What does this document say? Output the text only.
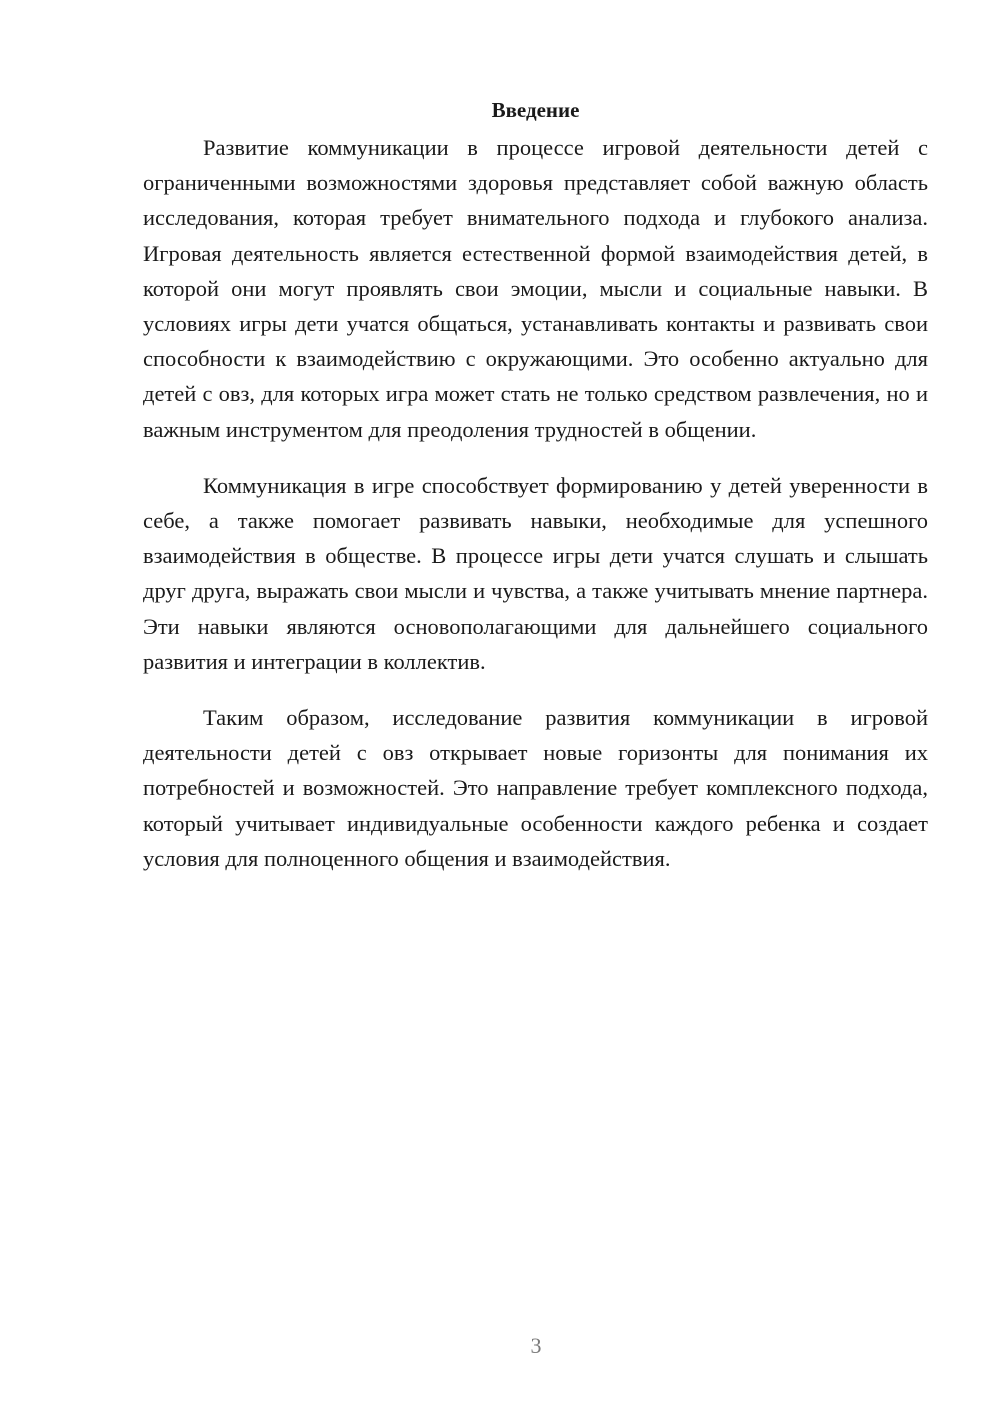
Введение

Развитие коммуникации в процессе игровой деятельности детей с ограниченными возможностями здоровья представляет собой важную область исследования, которая требует внимательного подхода и глубокого анализа. Игровая деятельность является естественной формой взаимодействия детей, в которой они могут проявлять свои эмоции, мысли и социальные навыки. В условиях игры дети учатся общаться, устанавливать контакты и развивать свои способности к взаимодействию с окружающими. Это особенно актуально для детей с овз, для которых игра может стать не только средством развлечения, но и важным инструментом для преодоления трудностей в общении.

Коммуникация в игре способствует формированию у детей уверенности в себе, а также помогает развивать навыки, необходимые для успешного взаимодействия в обществе. В процессе игры дети учатся слушать и слышать друг друга, выражать свои мысли и чувства, а также учитывать мнение партнера. Эти навыки являются основополагающими для дальнейшего социального развития и интеграции в коллектив.

Таким образом, исследование развития коммуникации в игровой деятельности детей с овз открывает новые горизонты для понимания их потребностей и возможностей. Это направление требует комплексного подхода, который учитывает индивидуальные особенности каждого ребенка и создает условия для полноценного общения и взаимодействия.

3
